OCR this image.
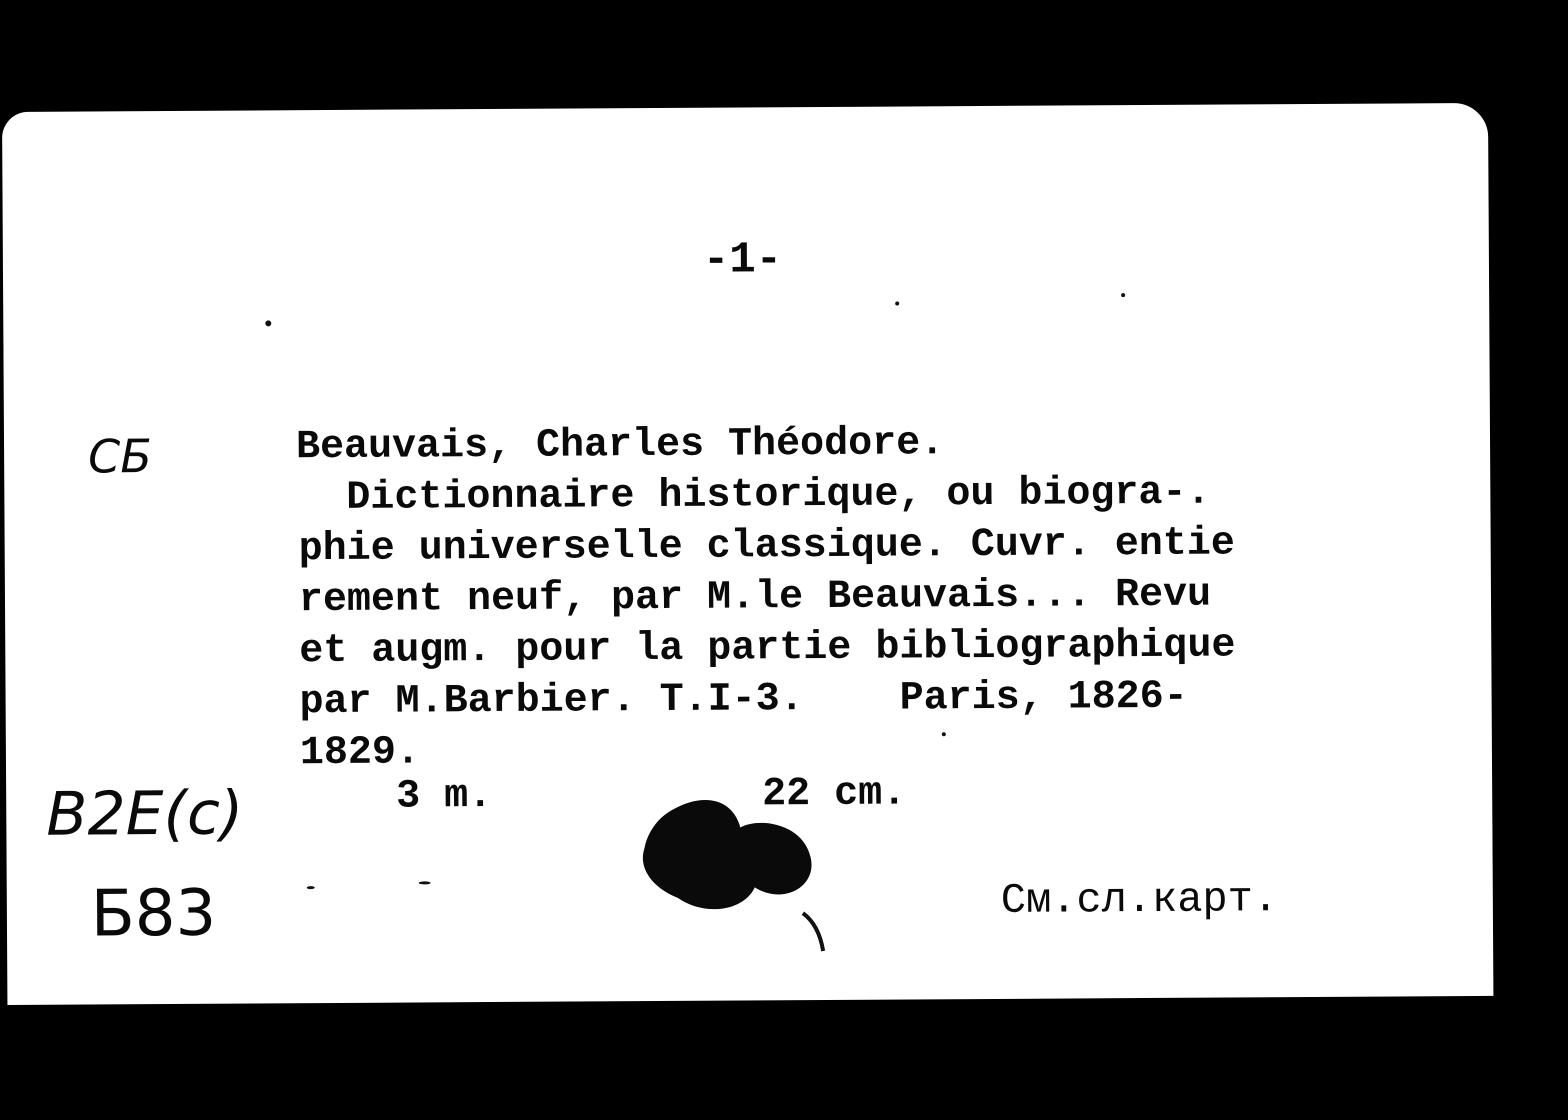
-1-
СБ	Beauvais, Charles Théodore.
Dictionnaire historique, ou biogra-.
phie universelle classique. Cuvr. entie
rement neuf, par M.le Beauvais... Revu
et augm. pour la partie bibliographique
par M.Barbier. T.I-3.    Paris, 1826-
1829.
3 m.	22 cm.
B2E(c)
Б83	См.сл.карт.
